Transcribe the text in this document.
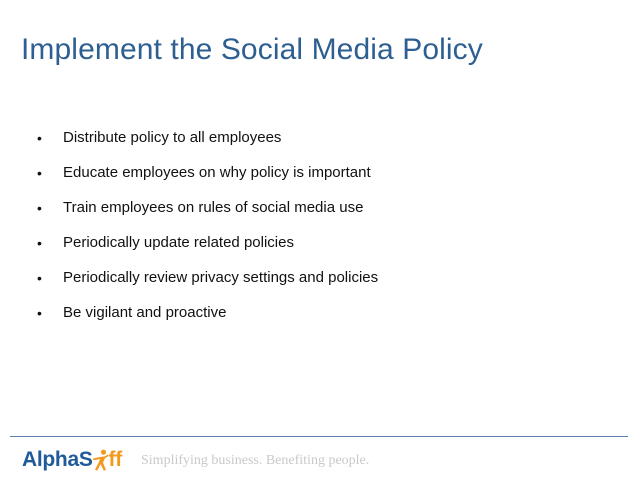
Implement the Social Media Policy
•	Distribute policy to all employees
•	Educate employees on why policy is important
•	Train employees on rules of social media use
•	Periodically update related policies
•	Periodically review privacy settings and policies
•	Be vigilant and proactive
AlphaS ff Simplifying business. Benefiting people.
